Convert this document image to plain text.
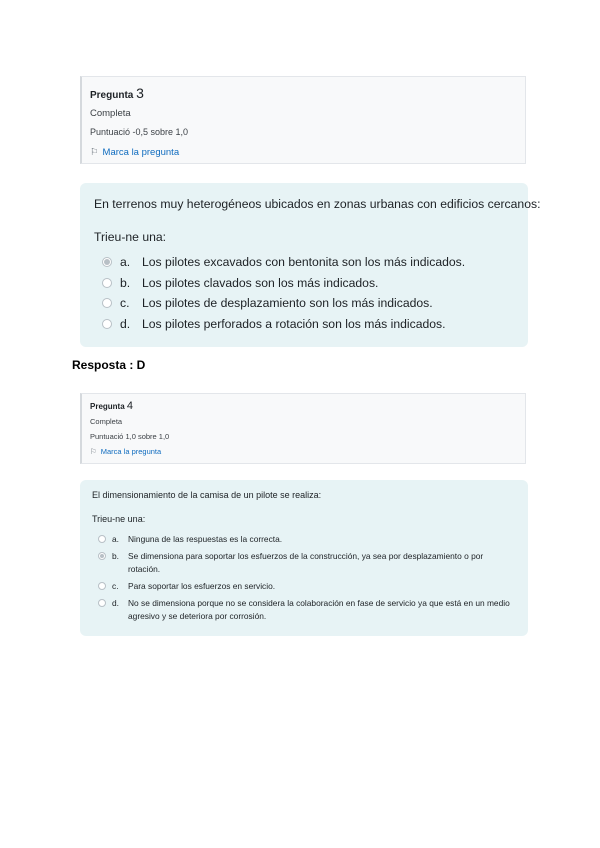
Pregunta 3
Completa
Puntuació -0,5 sobre 1,0
⚐ Marca la pregunta
En terrenos muy heterogéneos ubicados en zonas urbanas con edificios cercanos:
Trieu-ne una:
a. Los pilotes excavados con bentonita son los más indicados.
b. Los pilotes clavados son los más indicados.
c.	Los pilotes de desplazamiento son los más indicados.
d. Los pilotes perforados a rotación son los más indicados.
Resposta : D
Pregunta 4
Completa
Puntuació 1,0 sobre 1,0
⚐ Marca la pregunta
El dimensionamiento de la camisa de un pilote se realiza:
Trieu-ne una:
a.	Ninguna de las respuestas es la correcta.
b.	Se dimensiona para soportar los esfuerzos de la construcción, ya sea por desplazamiento o por rotación.
c.	Para soportar los esfuerzos en servicio.
d.	No se dimensiona porque no se considera la colaboración en fase de servicio ya que está en un medio agresivo y se deteriora por corrosión.
